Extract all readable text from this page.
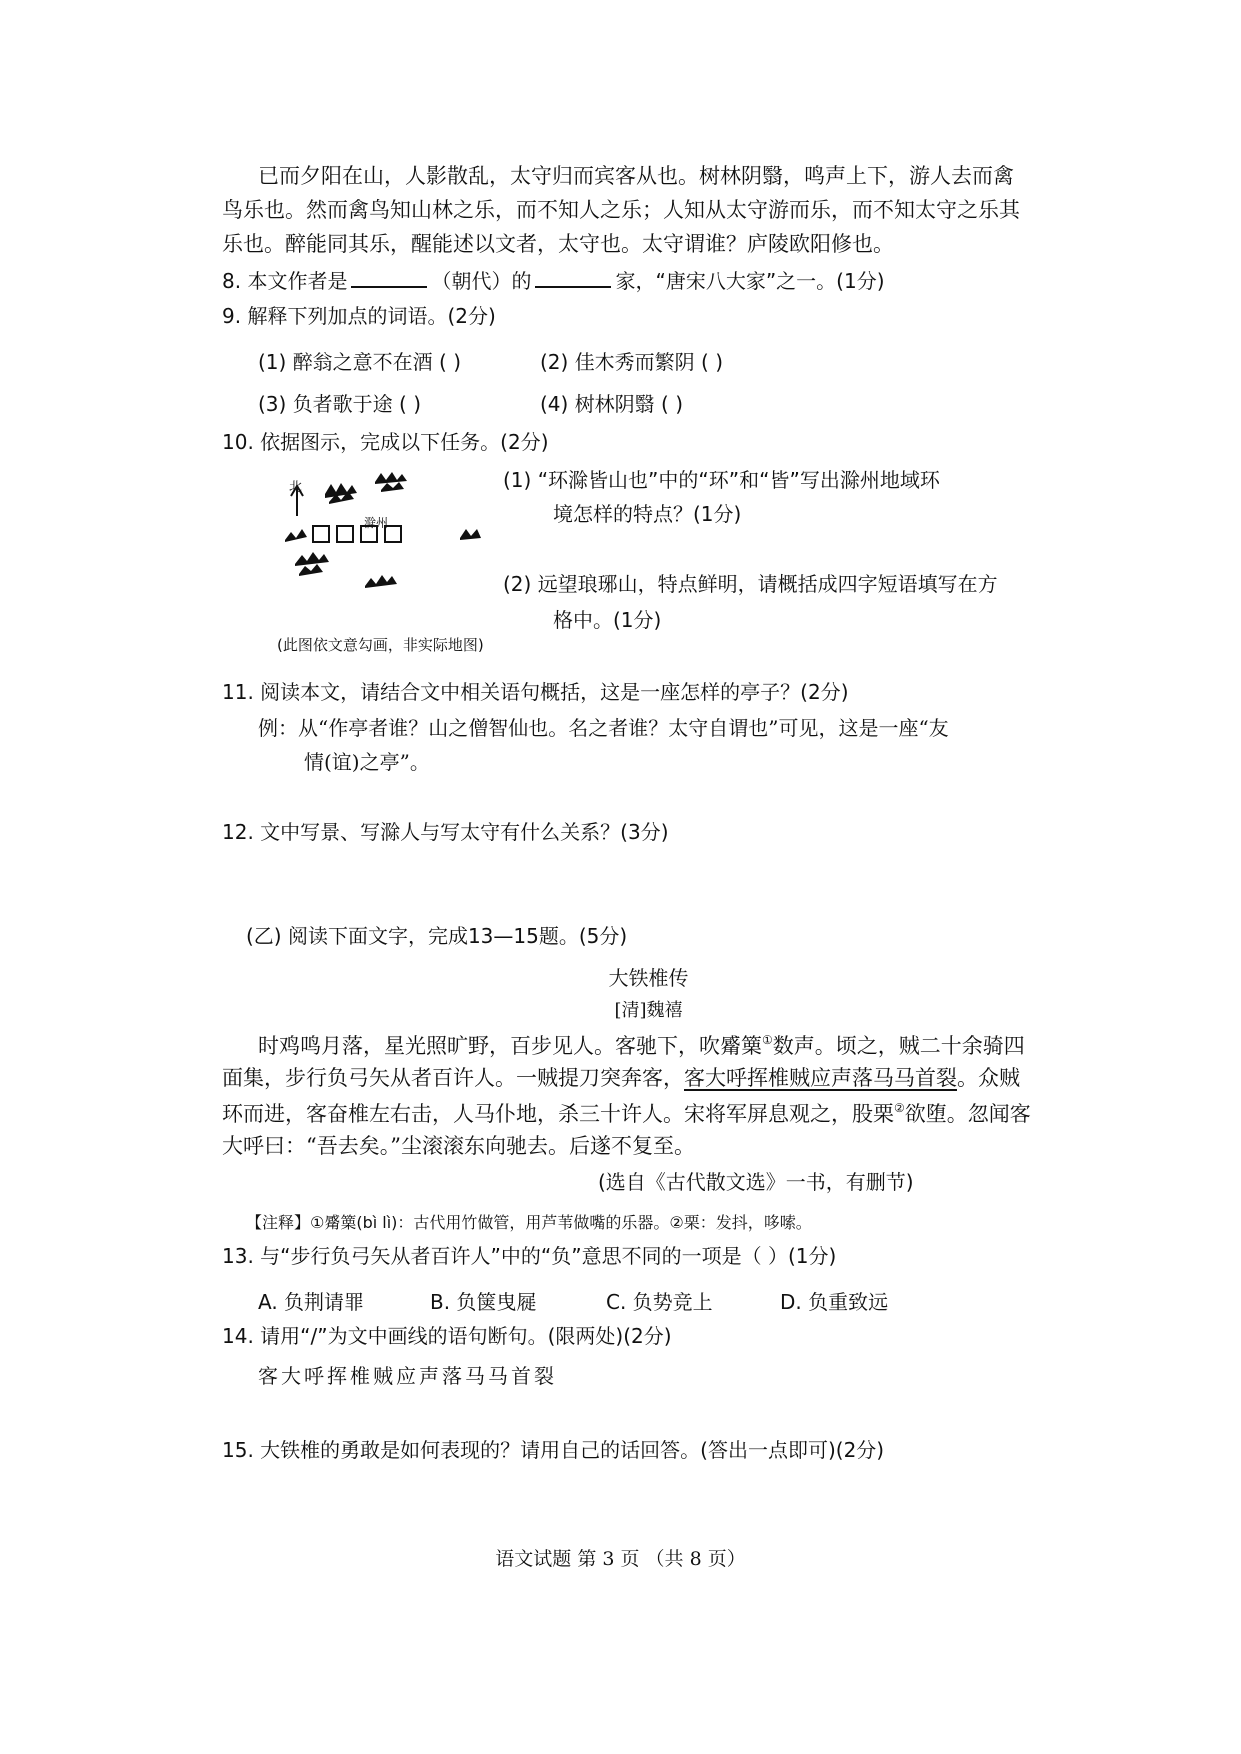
已而夕阳在山，人影散乱，太守归而宾客从也。树林阴翳，鸣声上下，游人去而禽
鸟乐也。然而禽鸟知山林之乐，而不知人之乐；人知从太守游而乐，而不知太守之乐其
乐也。醉能同其乐，醒能述以文者，太守也。太守谓谁？庐陵欧阳修也。
8. 本文作者是	（朝代）的	家，“唐宋八大家”之一。(1分)
9. 解释下列加点的词语。(2分)
(1) 醉翁之意不在酒 ( )	(2) 佳木秀而繁阴 ( )
(3) 负者歌于途 ( )	(4) 树林阴翳 ( )
10. 依据图示，完成以下任务。(2分)
北
滁州
(此图依文意勾画，非实际地图)
(1) “环滁皆山也”中的“环”和“皆”写出滁州地域环
境怎样的特点？(1分)
(2) 远望琅琊山，特点鲜明，请概括成四字短语填写在方
格中。(1分)
11. 阅读本文，请结合文中相关语句概括，这是一座怎样的亭子？(2分)
例：从“作亭者谁？山之僧智仙也。名之者谁？太守自谓也”可见，这是一座“友
情(谊)之亭”。
12. 文中写景、写滁人与写太守有什么关系？(3分)
(乙) 阅读下面文字，完成13—15题。(5分)
大铁椎传
[清]魏禧
时鸡鸣月落，星光照旷野，百步见人。客驰下，吹觱篥①数声。顷之，贼二十余骑四
面集，步行负弓矢从者百许人。一贼提刀突奔客，客大呼挥椎贼应声落马马首裂。众贼
环而进，客奋椎左右击，人马仆地，杀三十许人。宋将军屏息观之，股栗②欲堕。忽闻客
大呼曰：“吾去矣。”尘滚滚东向驰去。后遂不复至。
(选自《古代散文选》一书，有删节)
【注释】①觱篥(bì lì)：古代用竹做管，用芦苇做嘴的乐器。②栗：发抖，哆嗦。
13. 与“步行负弓矢从者百许人”中的“负”意思不同的一项是（ ）(1分)
A. 负荆请罪	B. 负箧曳屣	C. 负势竞上	D. 负重致远
14. 请用“/”为文中画线的语句断句。(限两处)(2分)
客大呼挥椎贼应声落马马首裂
15. 大铁椎的勇敢是如何表现的？请用自己的话回答。(答出一点即可)(2分)
语文试题 第 3 页 （共 8 页）
